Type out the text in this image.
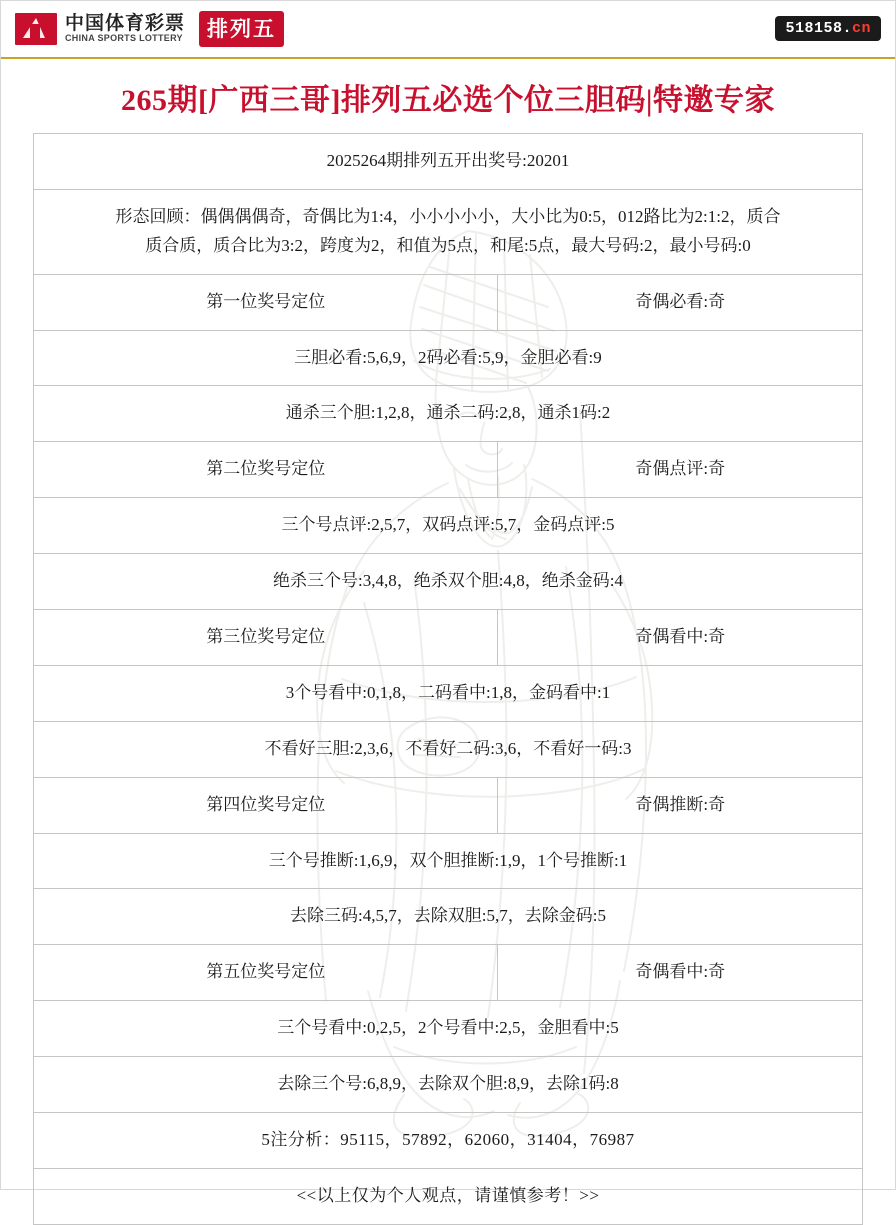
中国体育彩票
CHINA SPORTS LOTTERY	排列五	518158.cn
265期[广西三哥]排列五必选个位三胆码|特邀专家
2025264期排列五开出奖号:20201	

形态回顾：偶偶偶偶奇，奇偶比为1:4，小小小小小，大小比为0:5，012路比为2:1:2，质合
质合质，质合比为3:2，跨度为2，和值为5点，和尾:5点，最大号码:2，最小号码:0	

第一位奖号定位	奇偶必看:奇
三胆必看:5,6,9，2码必看:5,9，金胆必看:9	
通杀三个胆:1,2,8，通杀二码:2,8，通杀1码:2	
第二位奖号定位	奇偶点评:奇
三个号点评:2,5,7，双码点评:5,7，金码点评:5	
绝杀三个号:3,4,8，绝杀双个胆:4,8，绝杀金码:4	
第三位奖号定位	奇偶看中:奇
3个号看中:0,1,8，二码看中:1,8，金码看中:1	
不看好三胆:2,3,6，不看好二码:3,6，不看好一码:3	
第四位奖号定位	奇偶推断:奇
三个号推断:1,6,9，双个胆推断:1,9，1个号推断:1	
去除三码:4,5,7，去除双胆:5,7，去除金码:5	
第五位奖号定位	奇偶看中:奇
三个号看中:0,2,5，2个号看中:2,5，金胆看中:5	
去除三个号:6,8,9，去除双个胆:8,9，去除1码:8	
5注分析：95115，57892，62060，31404，76987	
<<以上仅为个人观点，请谨慎参考！>>	
